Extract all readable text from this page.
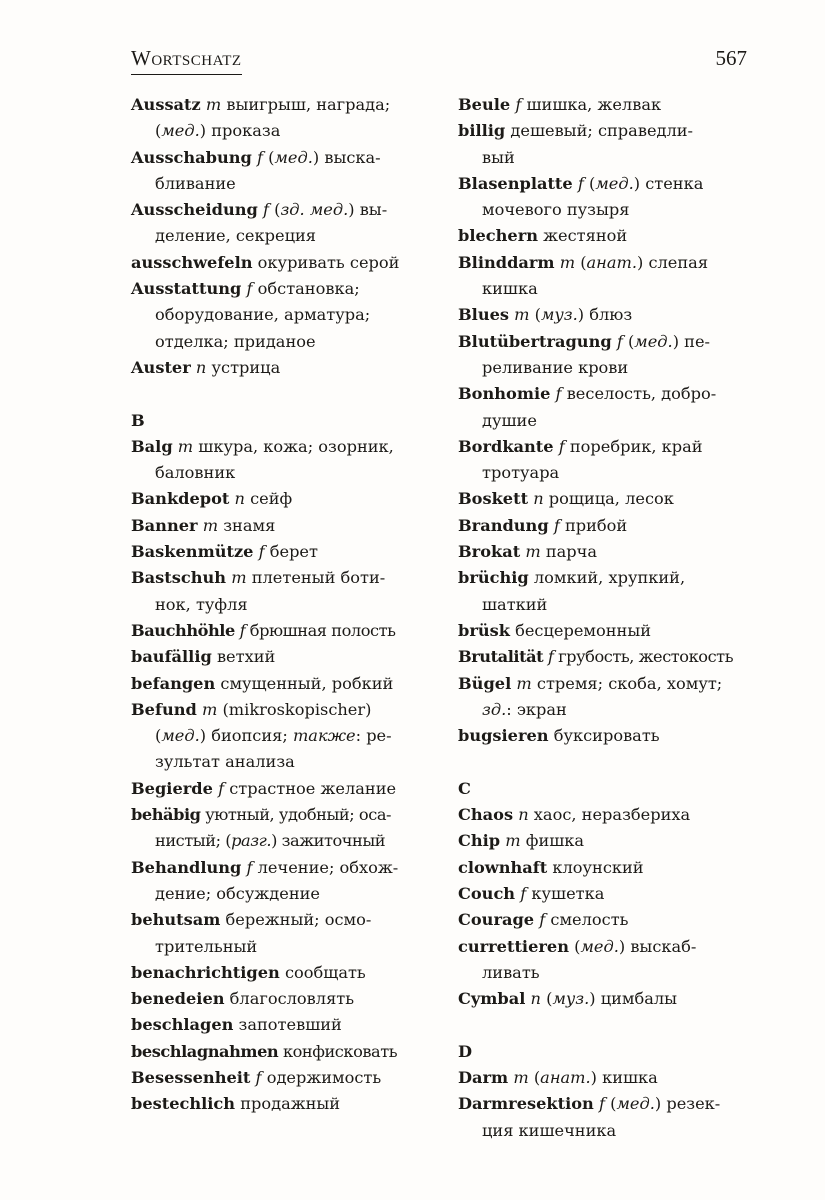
Wortschatz	567

Aussatz m выигрыш, награда;
(мед.) проказа

Ausschabung f (мед.) выска-
бливание

Ausscheidung f (зд. мед.) вы-
деление, секреция

ausschwefeln окуривать серой

Ausstattung f обстановка;
оборудование, арматура;
отделка; приданое

Auster n устрица

B

Balg m шкура, кожа; озорник,
баловник

Bankdepot n сейф

Banner m знамя

Baskenmütze f берет

Bastschuh m плетеный боти-
нок, туфля

Bauchhöhle f брюшная полость

baufällig ветхий

befangen смущенный, робкий

Befund m (mikroskopischer)
(мед.) биопсия; также: ре-
зультат анализа

Begierde f страстное желание

behäbig уютный, удобный; оса-
нистый; (разг.) зажиточный

Behandlung f лечение; обхож-
дение; обсуждение

behutsam бережный; осмо-
трительный

benachrichtigen сообщать

benedeien благословлять

beschlagen запотевший

beschlagnahmen конфисковать

Besessenheit f одержимость

bestechlich продажный

Beule f шишка, желвак

billig дешевый; справедли-
вый

Blasenplatte f (мед.) стенка
мочевого пузыря

blechern жестяной

Blinddarm m (анат.) слепая
кишка

Blues m (муз.) блюз

Blutübertragung f (мед.) пе-
реливание крови

Bonhomie f веселость, добро-
душие

Bordkante f поребрик, край
тротуара

Boskett n рощица, лесок

Brandung f прибой

Brokat m парча

brüchig ломкий, хрупкий,
шаткий

brüsk бесцеремонный

Brutalität f грубость, жестокость

Bügel m стремя; скоба, хомут;
зд.: экран

bugsieren буксировать

C

Chaos n хаос, неразбериха

Chip m фишка

clownhaft клоунский

Couch f кушетка

Courage f смелость

currettieren (мед.) выскаб-
ливать

Cymbal n (муз.) цимбалы

D

Darm m (анат.) кишка

Darmresektion f (мед.) резек-
ция кишечника
